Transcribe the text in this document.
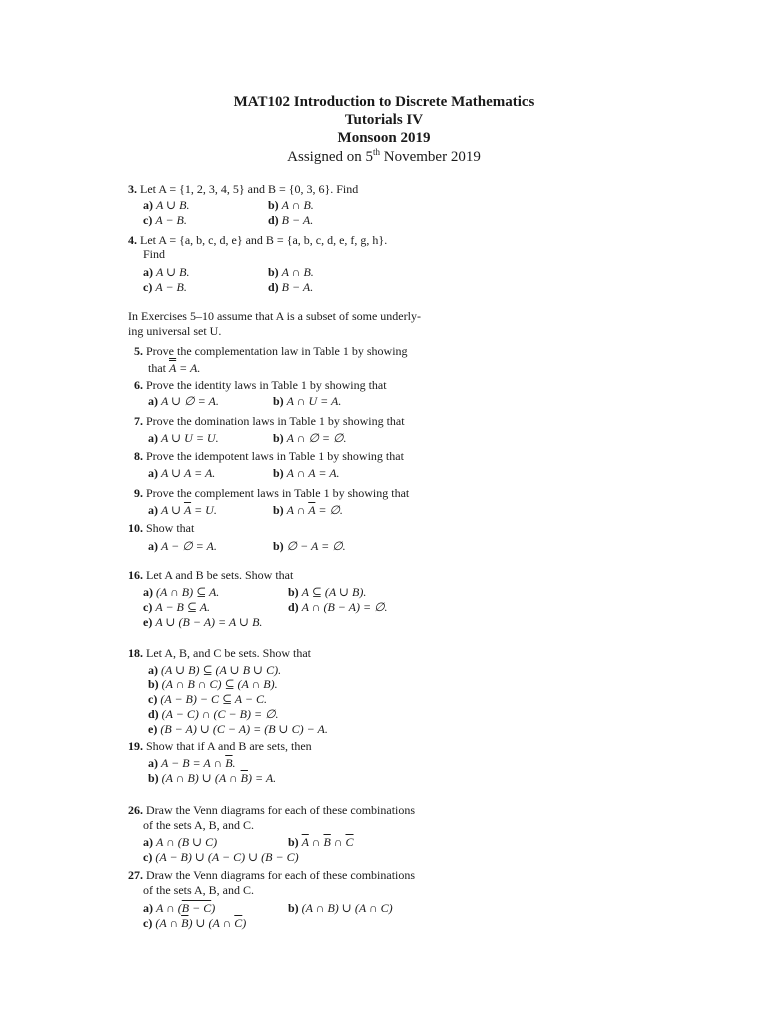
MAT102 Introduction to Discrete Mathematics
Tutorials IV
Monsoon 2019
Assigned on 5th November 2019
3. Let A = {1, 2, 3, 4, 5} and B = {0, 3, 6}. Find
a) A ∪ B.	b) A ∩ B.
c) A − B.	d) B − A.
4. Let A = {a, b, c, d, e} and B = {a, b, c, d, e, f, g, h}.
Find
a) A ∪ B.	b) A ∩ B.
c) A − B.	d) B − A.
In Exercises 5–10 assume that A is a subset of some underly-
ing universal set U.
5. Prove the complementation law in Table 1 by showing
that A = A.
6. Prove the identity laws in Table 1 by showing that
a) A ∪ ∅ = A.	b) A ∩ U = A.
7. Prove the domination laws in Table 1 by showing that
a) A ∪ U = U.	b) A ∩ ∅ = ∅.
8. Prove the idempotent laws in Table 1 by showing that
a) A ∪ A = A.	b) A ∩ A = A.
9. Prove the complement laws in Table 1 by showing that
a) A ∪ $\overline{A} = U$.	b) A ∩ $\overline{A}$ = ∅.
10. Show that
a) A − ∅ = A.	b) ∅ − A = ∅.
16. Let A and B be sets. Show that
a) (A ∩ B) ⊆ A.	b) A ⊆ (A ∪ B).
c) A − B ⊆ A.	d) A ∩ (B − A) = ∅.
e) A ∪ (B − A) = A ∪ B.
18. Let A, B, and C be sets. Show that
a) (A ∪ B) ⊆ (A ∪ B ∪ C).
b) (A ∩ B ∩ C) ⊆ (A ∩ B).
c) (A − B) − C ⊆ A − C.
d) (A − C) ∩ (C − B) = ∅.
e) (B − A) ∪ (C − A) = (B ∪ C) − A.
19. Show that if A and B are sets, then
a) A − B = A ∩ $\overline{B}$.
b) (A ∩ B) ∪ (A ∩ $\overline{B}) = A$.
26. Draw the Venn diagrams for each of these combinations
of the sets A, B, and C.
a) A ∩ (B ∪ C)	b) $\overline{A}$ ∩ $\overline{B}$ ∩ $\overline{C}$
c) (A − B) ∪ (A − C) ∪ (B − C)
27. Draw the Venn diagrams for each of these combinations
of the sets A, B, and C.
a) A ∩ (B − C)	b) (A ∩ B) ∪ (A ∩ C)
c) (A ∩ $\overline{B}$) ∪ (A ∩ $\overline{C}$)
